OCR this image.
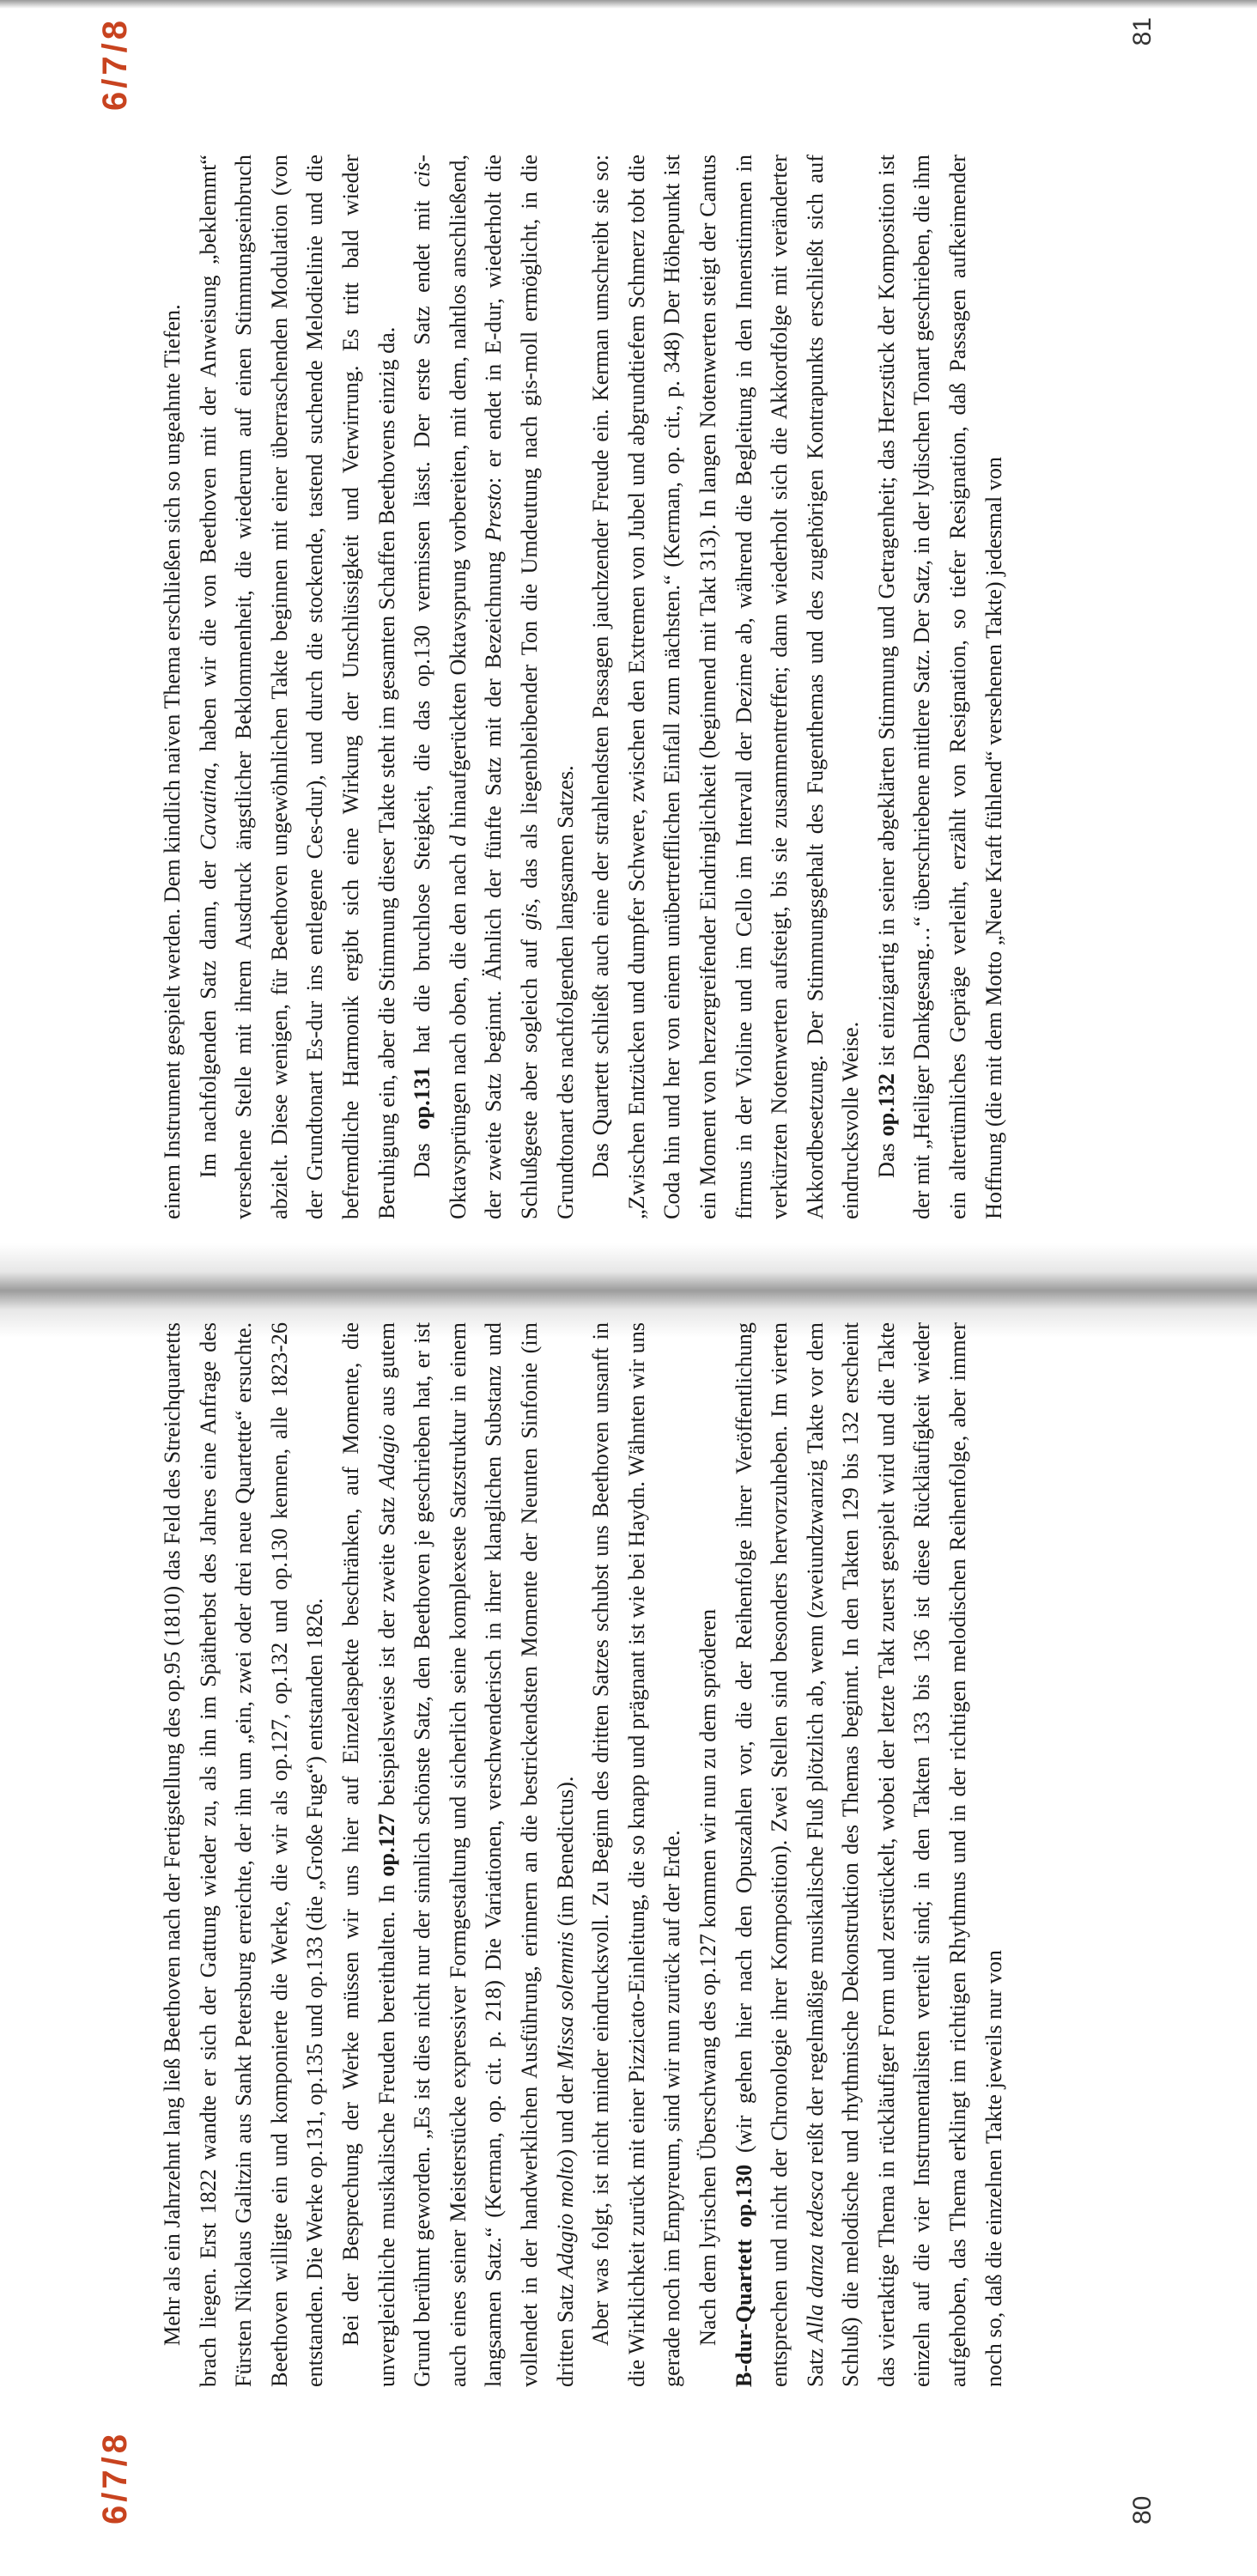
6/7/8

einem Instrument gespielt werden. Dem kindlich naiven Thema erschließen sich so ungeahnte Tiefen. Im nachfolgenden Satz dann, der Cavatina, haben wir die von Beethoven mit der Anweisung „beklemmt“ versehene Stelle mit ihrem Ausdruck ängstlicher Beklommenheit, die wiederum auf einen Stimmungseinbruch abzielt. Diese wenigen, für Beethoven ungewöhnlichen Takte beginnen mit einer überraschenden Modulation (von der Grundtonart Es-dur ins entlegene Ces-dur), und durch die stockende, tastend suchende Melodielinie und die befremdliche Harmonik ergibt sich eine Wirkung der Unschlüssigkeit und Verwirrung. Es tritt bald wieder Beruhigung ein, aber die Stimmung dieser Takte steht im gesamten Schaffen Beethovens einzig da. Das op.131 hat die bruchlose Steigkeit, die das op.130 vermissen lässt. Der erste Satz endet mit cis-Oktavsprüngen nach oben, die den nach d hinaufgerückten Oktavsprung vorbereiten, mit dem, nahtlos anschließend, der zweite Satz beginnt. Ähnlich der fünfte Satz mit der Bezeichnung Presto: er endet in E-dur, wiederholt die Schlußgeste aber sogleich auf gis, das als liegenbleibender Ton die Umdeutung nach gis-moll ermöglicht, in die Grundtonart des nachfolgenden langsamen Satzes. Das Quartett schließt auch eine der strahlendsten Passagen jauchzender Freude ein. Kerman umschreibt sie so: „Zwischen Entzücken und dumpfer Schwere, zwischen den Extremen von Jubel und abgrundtiefem Schmerz tobt die Coda hin und her von einem unübertrefflichen Einfall zum nächsten.“ (Kerman, op. cit., p. 348) Der Höhepunkt ist ein Moment von herzergreifender Eindringlichkeit (beginnend mit Takt 313). In langen Notenwerten steigt der Cantus firmus in der Violine und im Cello im Intervall der Dezime ab, während die Begleitung in den Innenstimmen in verkürzten Notenwerten aufsteigt, bis sie zusammentreffen; dann wiederholt sich die Akkordfolge mit veränderter Akkordbesetzung. Der Stimmungsgehalt des Fugenthemas und des zugehörigen Kontrapunkts erschließt sich auf eindrucksvolle Weise. Das op.132 ist einzigartig in seiner abgeklärten Stimmung und Getragenheit; das Herzstück der Komposition ist der mit „Heiliger Dankgesang…“ überschriebene mittlere Satz. Der Satz, in der lydischen Tonart geschrieben, die ihm ein altertümliches Gepräge verleiht, erzählt von Resignation, so tiefer Resignation, daß Passagen aufkeimender Hoffnung (die mit dem Motto „Neue Kraft fühlend“ versehenen Takte) jedesmal von

81
6/7/8

Mehr als ein Jahrzehnt lang ließ Beethoven nach der Fertigstellung des op.95 (1810) das Feld des Streichquartetts brach liegen. Erst 1822 wandte er sich der Gattung wieder zu, als ihn im Spätherbst des Jahres eine Anfrage des Fürsten Nikolaus Galitzin aus Sankt Petersburg erreichte, der ihn um „ein, zwei oder drei neue Quartette“ ersuchte. Beethoven willigte ein und komponierte die Werke, die wir als op.127, op.132 und op.130 kennen, alle 1823-26 entstanden. Die Werke op.131, op.135 und op.133 (die „Große Fuge“) entstanden 1826. Bei der Besprechung der Werke müssen wir uns hier auf Einzelaspekte beschränken, auf Momente, die unvergleichliche musikalische Freuden bereithalten. In op.127 beispielsweise ist der zweite Satz Adagio aus gutem Grund berühmt geworden. „Es ist dies nicht nur der sinnlich schönste Satz, den Beethoven je geschrieben hat, er ist auch eines seiner Meisterstücke expressiver Formgestaltung und sicherlich seine komplexeste Satzstruktur in einem langsamen Satz.“ (Kerman, op. cit. p. 218) Die Variationen, verschwenderisch in ihrer klanglichen Substanz und vollendet in der handwerklichen Ausführung, erinnern an die bestrickendsten Momente der Neunten Sinfonie (im dritten Satz Adagio molto) und der Missa solemnis (im Benedictus). Aber was folgt, ist nicht minder eindrucksvoll. Zu Beginn des dritten Satzes schubst uns Beethoven unsanft in die Wirklichkeit zurück mit einer Pizzicato-Einleitung, die so knapp und prägnant ist wie bei Haydn. Wähnten wir uns gerade noch im Empyreum, sind wir nun zurück auf der Erde. Nach dem lyrischen Überschwang des op.127 kommen wir nun zu dem spröderen B-dur-Quartett op.130 (wir gehen hier nach den Opuszahlen vor, die der Reihenfolge ihrer Veröffentlichung entsprechen und nicht der Chronologie ihrer Komposition). Zwei Stellen sind besonders hervorzuheben. Im vierten Satz Alla danza tedesca reißt der regelmäßige musikalische Fluß plötzlich ab, wenn (zweiundzwanzig Takte vor dem Schluß) die melodische und rhythmische Dekonstruktion des Themas beginnt. In den Takten 129 bis 132 erscheint das viertaktige Thema in rückläufiger Form und zerstückelt, wobei der letzte Takt zuerst gespielt wird und die Takte einzeln auf die vier Instrumentalisten verteilt sind; in den Takten 133 bis 136 ist diese Rückläufigkeit wieder aufgehoben, das Thema erklingt im richtigen Rhythmus und in der richtigen melodischen Reihenfolge, aber immer noch so, daß die einzelnen Takte jeweils nur von

80
